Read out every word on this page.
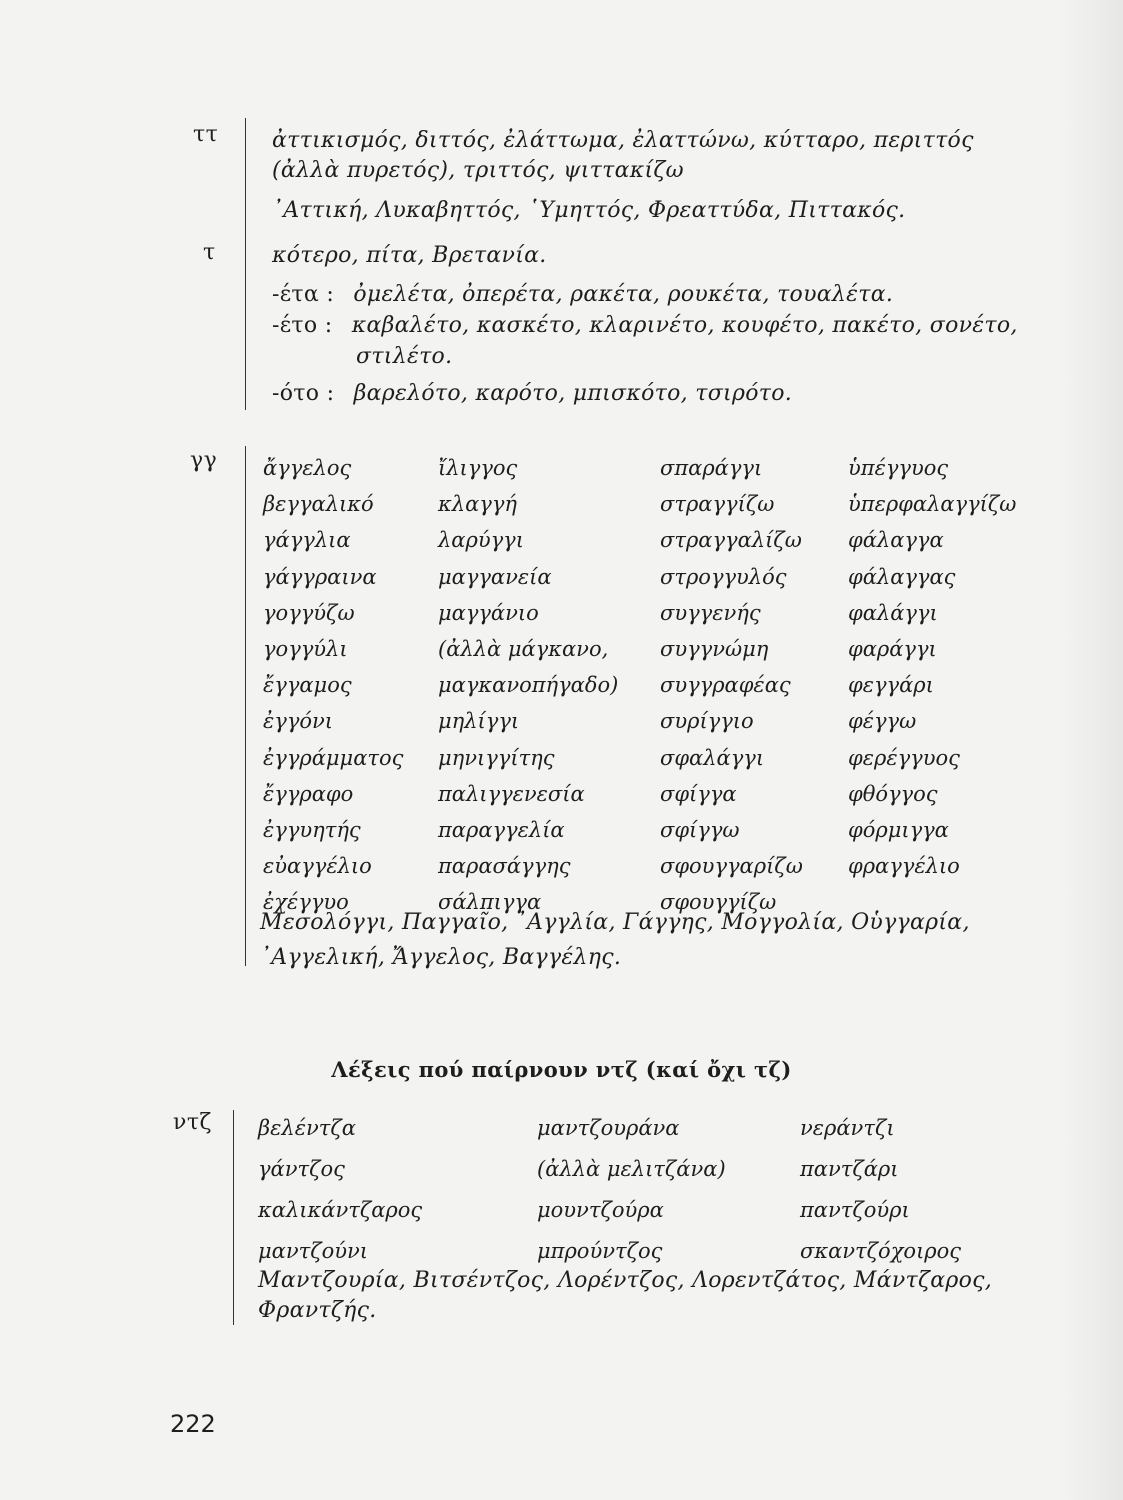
ττ ἀττικισμός, διττός, ἐλάττωμα, ἐλαττώνω, κύτταρο, περιττός
(ἀλλὰ πυρετός), τριττός, ψιττακίζω
᾿Αττική, Λυκαβηττός, ῾Υμηττός, Φρεαττύδα, Πιττακός.
τ	κότερο, πίτα, Βρετανία.
-έτα : ὀμελέτα, ὀπερέτα, ρακέτα, ρουκέτα, τουαλέτα.
-έτο : καβαλέτο, κασκέτο, κλαρινέτο, κουφέτο, πακέτο, σονέτο,
στιλέτο.
-ότο : βαρελότο, καρότο, μπισκότο, τσιρότο.
γγ ἄγγελος
βεγγαλικό
γάγγλια
γάγγραινα
γογγύζω
γογγύλι
ἔγγαμος
ἐγγόνι
ἐγγράμματος
ἔγγραφο
ἐγγυητής
εὐαγγέλιο
ἐχέγγυο
ἴλιγγος
κλαγγή
λαρύγγι
μαγγανεία
μαγγάνιο
(ἀλλὰ μάγκανο,
μαγκανοπήγαδο)
μηλίγγι
μηνιγγίτης
παλιγγενεσία
παραγγελία
παρασάγγης
σάλπιγγα
σπαράγγι
στραγγίζω
στραγγαλίζω
στρογγυλός
συγγενής
συγγνώμη
συγγραφέας
συρίγγιο
σφαλάγγι
σφίγγα
σφίγγω
σφουγγαρίζω
σφουγγίζω
ὑπέγγυος
ὑπερφαλαγγίζω
φάλαγγα
φάλαγγας
φαλάγγι
φαράγγι
φεγγάρι
φέγγω
φερέγγυος
φθόγγος
φόρμιγγα
φραγγέλιο
Μεσολόγγι, Παγγαῖο, ᾿Αγγλία, Γάγγης, Μογγολία, Οὑγγαρία,
᾿Αγγελική, Ἄγγελος, Βαγγέλης.
Λέξεις πού παίρνουν ντζ (καί ὄχι τζ)
ντζ βελέντζα
γάντζος
καλικάντζαρος
μαντζούνι
μαντζουράνα
(ἀλλὰ μελιτζάνα)
μουντζούρα
μπρούντζος
νεράντζι
παντζάρι
παντζούρι
σκαντζόχοιρος
Μαντζουρία, Βιτσέντζος, Λορέντζος, Λορεντζάτος, Μάντζαρος,
Φραντζής.
222
